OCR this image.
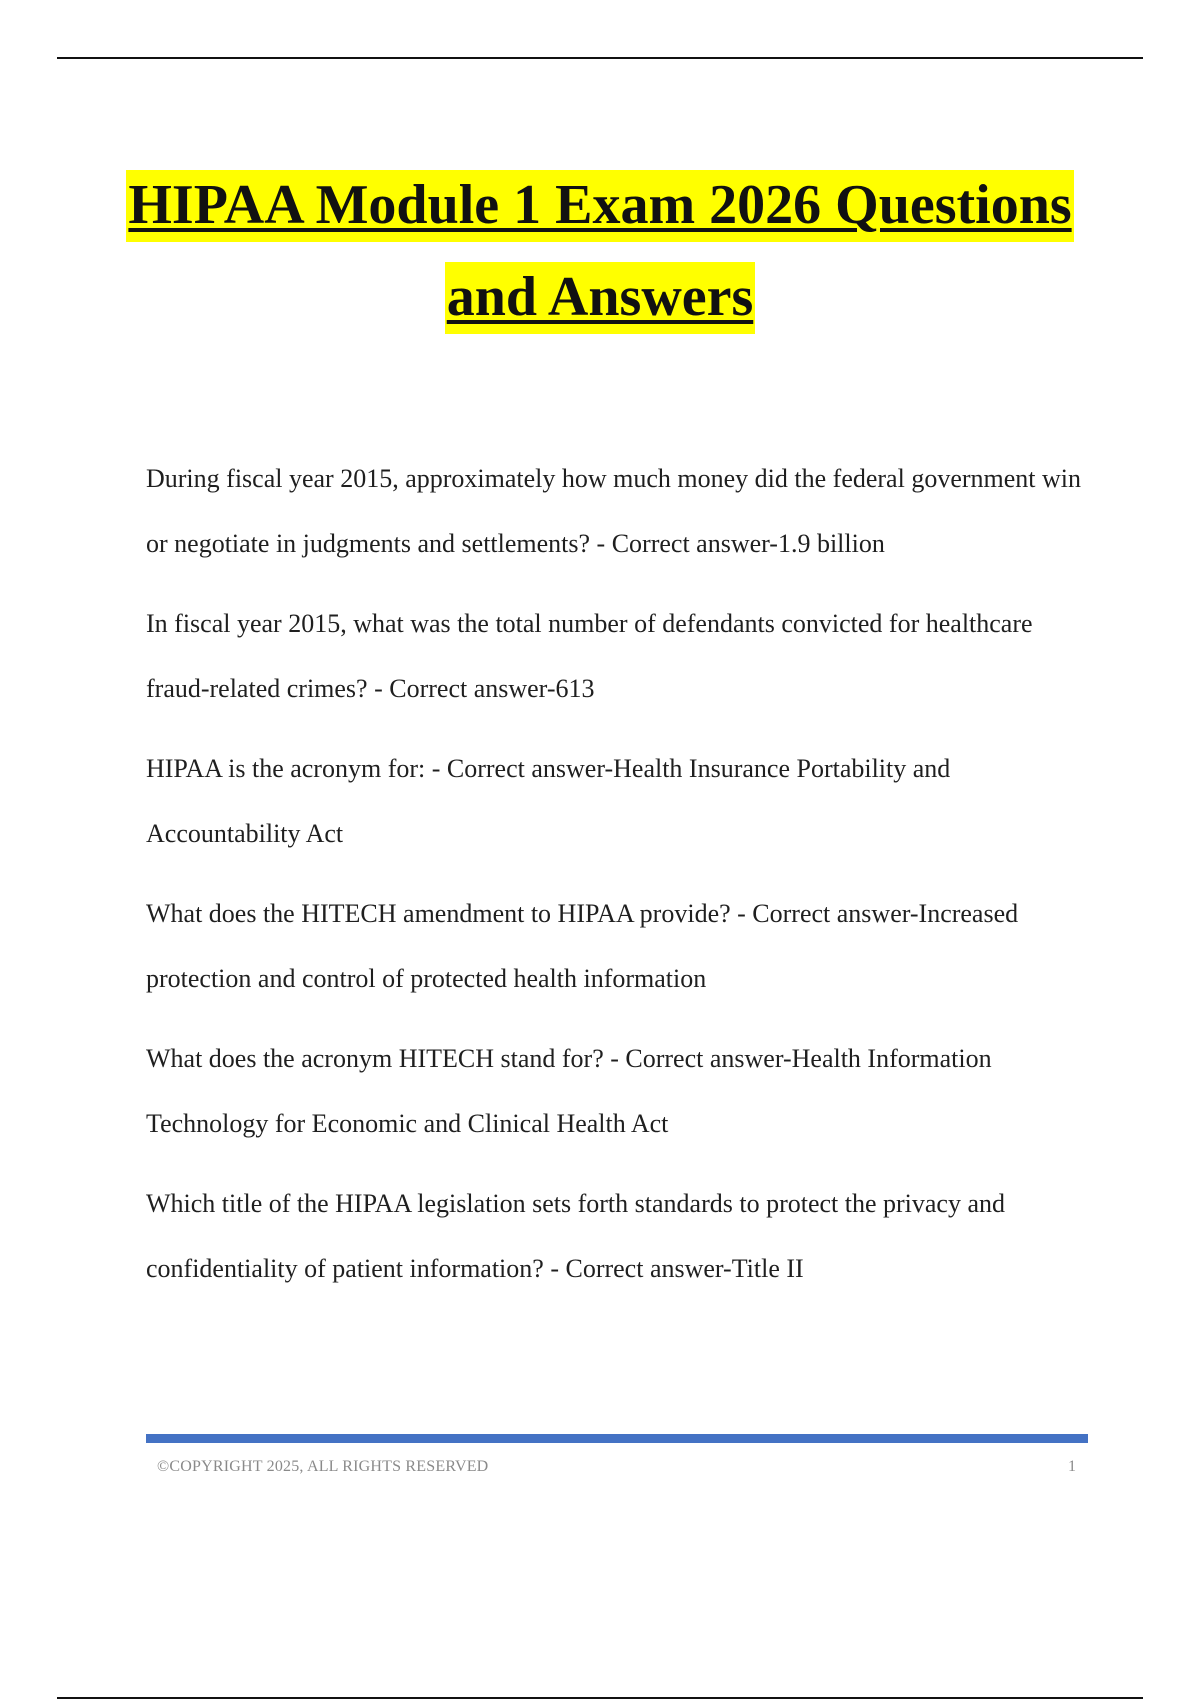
HIPAA Module 1 Exam 2026 Questions
and Answers

During fiscal year 2015, approximately how much money did the federal government win or negotiate in judgments and settlements? - Correct answer-1.9 billion

In fiscal year 2015, what was the total number of defendants convicted for healthcare fraud-related crimes? - Correct answer-613

HIPAA is the acronym for: - Correct answer-Health Insurance Portability and Accountability Act

What does the HITECH amendment to HIPAA provide? - Correct answer-Increased protection and control of protected health information

What does the acronym HITECH stand for? - Correct answer-Health Information Technology for Economic and Clinical Health Act

Which title of the HIPAA legislation sets forth standards to protect the privacy and confidentiality of patient information? - Correct answer-Title II

©COPYRIGHT 2025, ALL RIGHTS RESERVED	1
